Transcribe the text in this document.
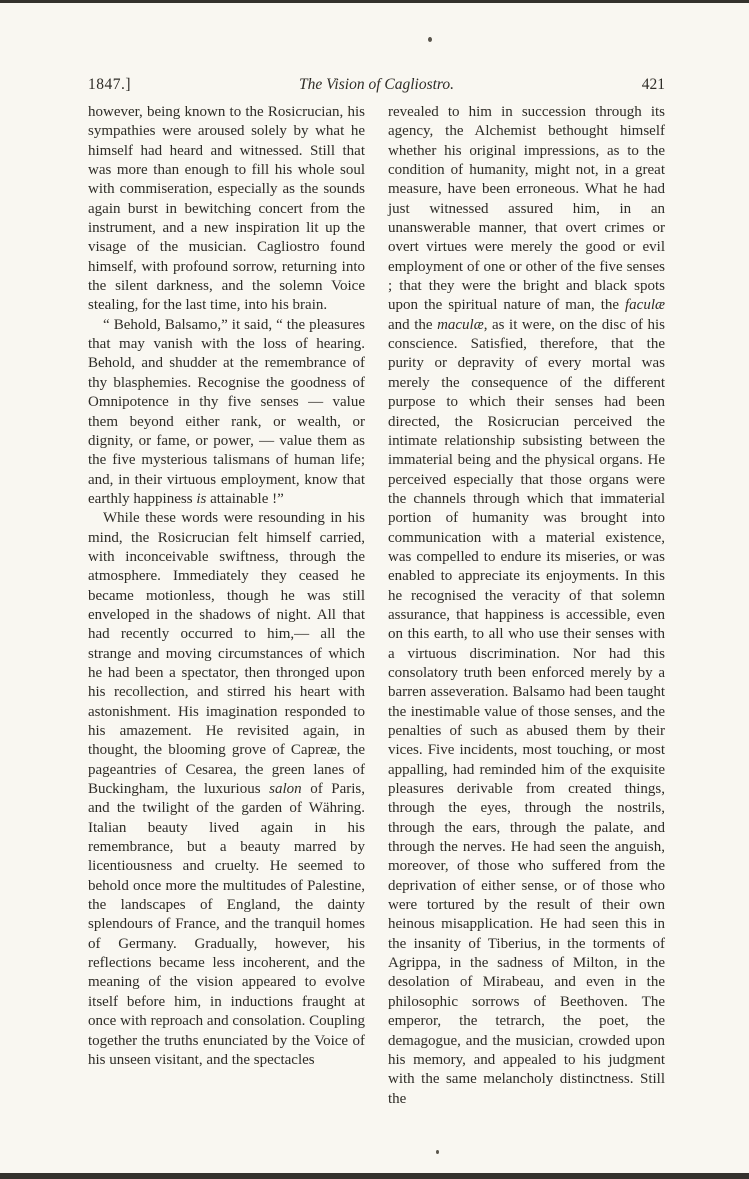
1847.]	The Vision of Cagliostro.	421

however, being known to the Rosicrucian, his sympathies were aroused solely by what he himself had heard and witnessed. Still that was more than enough to fill his whole soul with commiseration, especially as the sounds again burst in bewitching concert from the instrument, and a new inspiration lit up the visage of the musician. Cagliostro found himself, with profound sorrow, returning into the silent darkness, and the solemn Voice stealing, for the last time, into his brain.

“ Behold, Balsamo,” it said, “ the pleasures that may vanish with the loss of hearing. Behold, and shudder at the remembrance of thy blasphemies. Recognise the goodness of Omnipotence in thy five senses — value them beyond either rank, or wealth, or dignity, or fame, or power, — value them as the five mysterious talismans of human life; and, in their virtuous employment, know that earthly happiness is attainable !”

While these words were resounding in his mind, the Rosicrucian felt himself carried, with inconceivable swiftness, through the atmosphere. Immediately they ceased he became motionless, though he was still enveloped in the shadows of night. All that had recently occurred to him,— all the strange and moving circumstances of which he had been a spectator, then thronged upon his recollection, and stirred his heart with astonishment. His imagination responded to his amazement. He revisited again, in thought, the blooming grove of Capreæ, the pageantries of Cesarea, the green lanes of Buckingham, the luxurious salon of Paris, and the twilight of the garden of Währing. Italian beauty lived again in his remembrance, but a beauty marred by licentiousness and cruelty. He seemed to behold once more the multitudes of Palestine, the landscapes of England, the dainty splendours of France, and the tranquil homes of Germany. Gradually, however, his reflections became less incoherent, and the meaning of the vision appeared to evolve itself before him, in inductions fraught at once with reproach and consolation. Coupling together the truths enunciated by the Voice of his unseen visitant, and the spectacles

revealed to him in succession through its agency, the Alchemist bethought himself whether his original impressions, as to the condition of humanity, might not, in a great measure, have been erroneous. What he had just witnessed assured him, in an unanswerable manner, that overt crimes or overt virtues were merely the good or evil employment of one or other of the five senses ; that they were the bright and black spots upon the spiritual nature of man, the faculæ and the maculæ, as it were, on the disc of his conscience. Satisfied, therefore, that the purity or depravity of every mortal was merely the consequence of the different purpose to which their senses had been directed, the Rosicrucian perceived the intimate relationship subsisting between the immaterial being and the physical organs. He perceived especially that those organs were the channels through which that immaterial portion of humanity was brought into communication with a material existence, was compelled to endure its miseries, or was enabled to appreciate its enjoyments. In this he recognised the veracity of that solemn assurance, that happiness is accessible, even on this earth, to all who use their senses with a virtuous discrimination. Nor had this consolatory truth been enforced merely by a barren asseveration. Balsamo had been taught the inestimable value of those senses, and the penalties of such as abused them by their vices. Five incidents, most touching, or most appalling, had reminded him of the exquisite pleasures derivable from created things, through the eyes, through the nostrils, through the ears, through the palate, and through the nerves. He had seen the anguish, moreover, of those who suffered from the deprivation of either sense, or of those who were tortured by the result of their own heinous misapplication. He had seen this in the insanity of Tiberius, in the torments of Agrippa, in the sadness of Milton, in the desolation of Mirabeau, and even in the philosophic sorrows of Beethoven. The emperor, the tetrarch, the poet, the demagogue, and the musician, crowded upon his memory, and appealed to his judgment with the same melancholy distinctness. Still the
